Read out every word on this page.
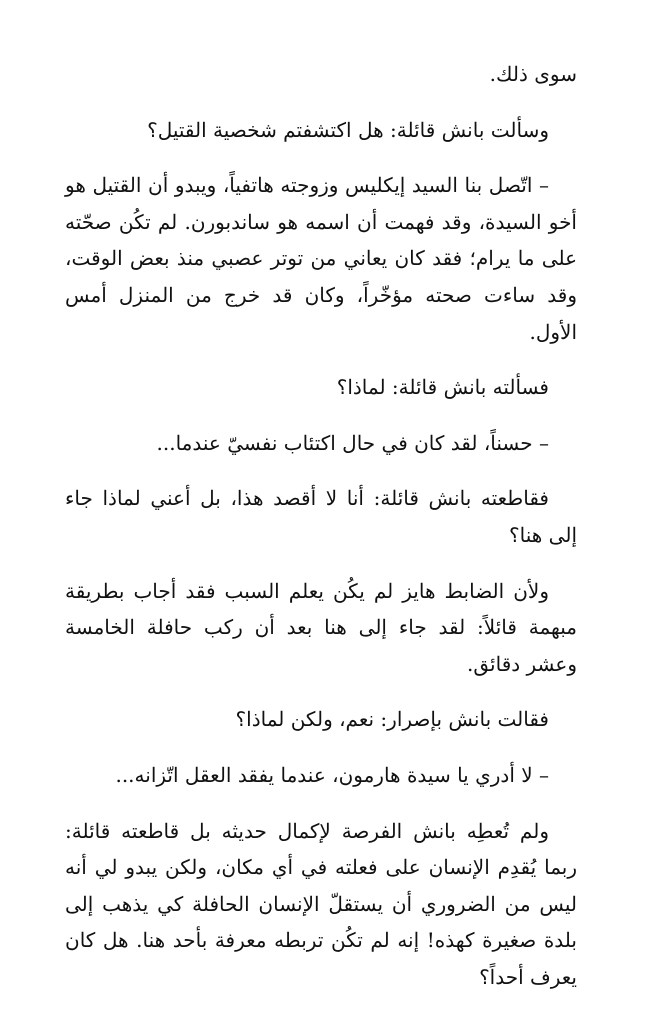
سوى ذلك.

وسألت بانش قائلة: هل اكتشفتم شخصية القتيل؟

– اتّصل بنا السيد إيكليس وزوجته هاتفياً، ويبدو أن القتيل هو أخو السيدة، وقد فهمت أن اسمه هو ساندبورن. لم تكُن صحّته على ما يرام؛ فقد كان يعاني من توتر عصبي منذ بعض الوقت، وقد ساءت صحته مؤخّراً، وكان قد خرج من المنزل أمس الأول.

فسألته بانش قائلة: لماذا؟

– حسناً، لقد كان في حال اكتئاب نفسيّ عندما...

فقاطعته بانش قائلة: أنا لا أقصد هذا، بل أعني لماذا جاء إلى هنا؟

ولأن الضابط هايز لم يكُن يعلم السبب فقد أجاب بطريقة مبهمة قائلاً: لقد جاء إلى هنا بعد أن ركب حافلة الخامسة وعشر دقائق.

فقالت بانش بإصرار: نعم، ولكن لماذا؟

– لا أدري يا سيدة هارمون، عندما يفقد العقل اتّزانه...

ولم تُعطِه بانش الفرصة لإكمال حديثه بل قاطعته قائلة: ربما يُقدِم الإنسان على فعلته في أي مكان، ولكن يبدو لي أنه ليس من الضروري أن يستقلّ الإنسان الحافلة كي يذهب إلى بلدة صغيرة كهذه! إنه لم تكُن تربطه معرفة بأحد هنا. هل كان يعرف أحداً؟
